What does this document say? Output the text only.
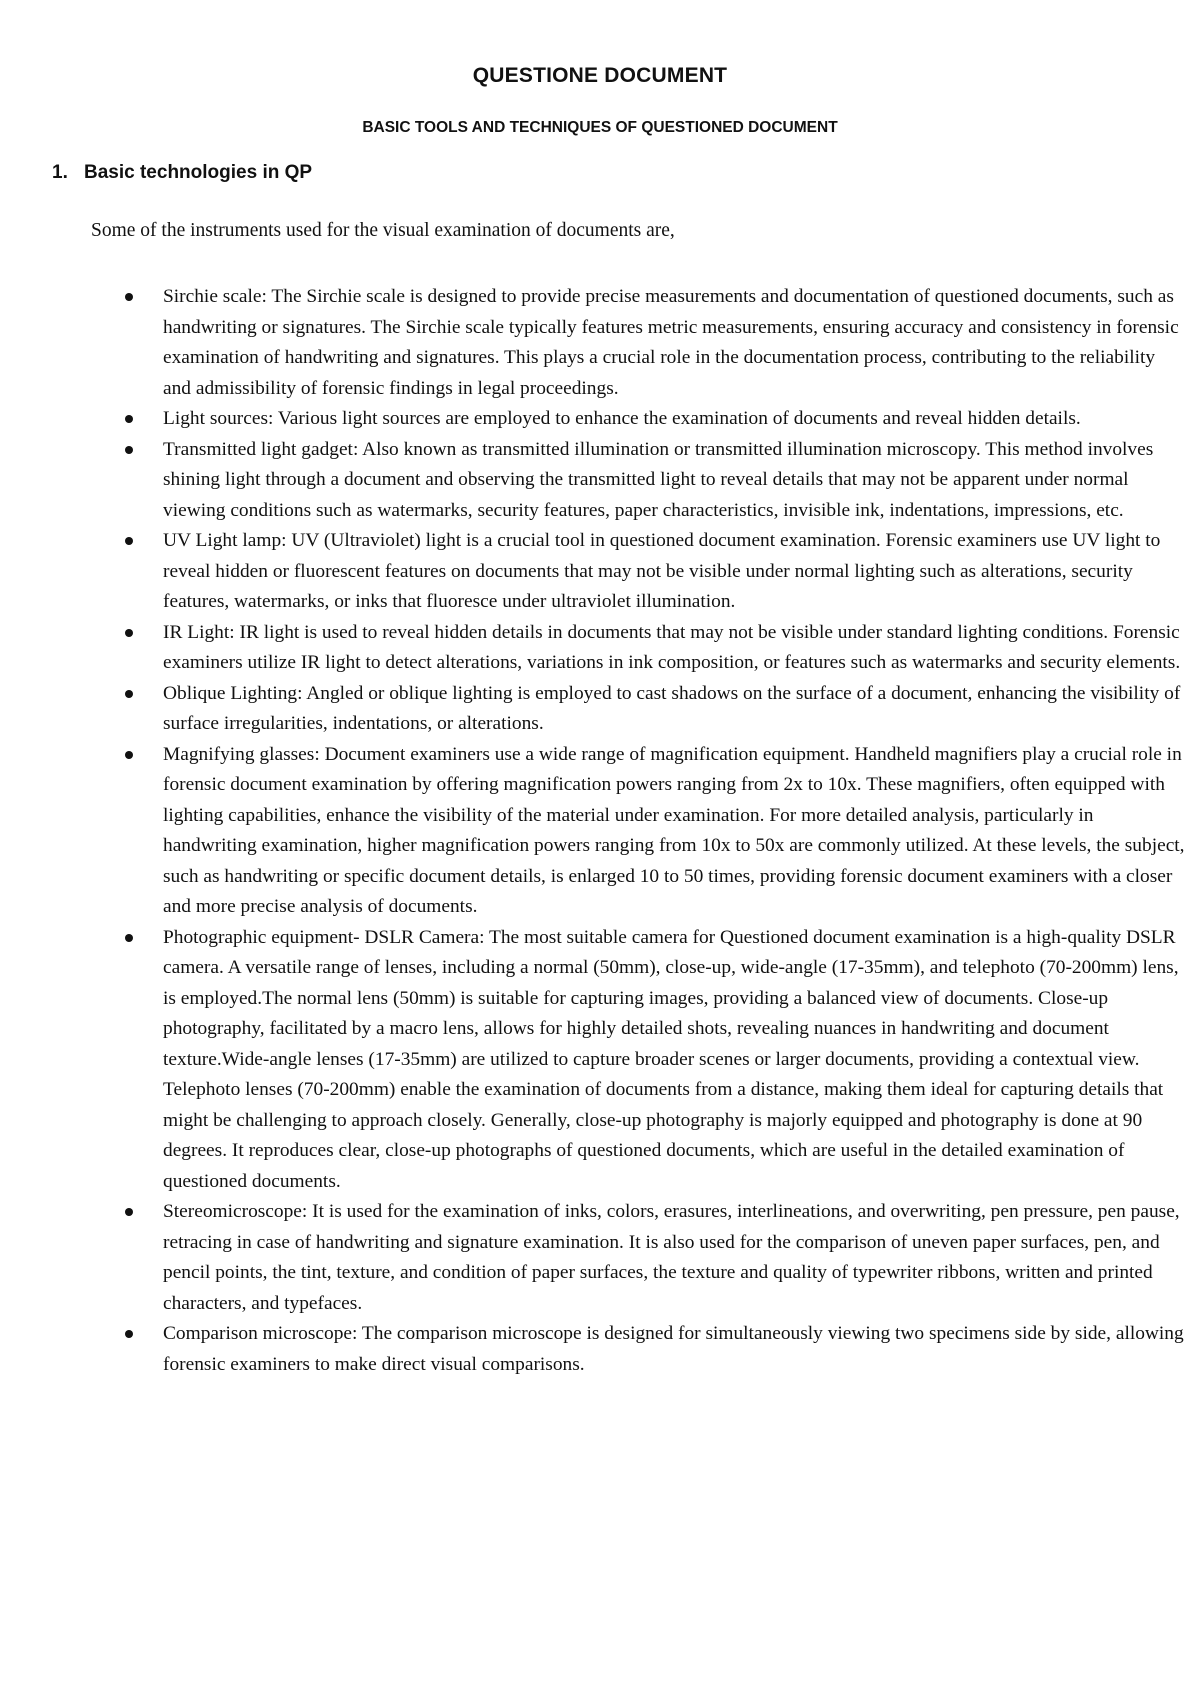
QUESTIONE DOCUMENT
BASIC TOOLS AND TECHNIQUES OF QUESTIONED DOCUMENT
1. Basic technologies in QP

Some of the instruments used for the visual examination of documents are,

Sirchie scale: The Sirchie scale is designed to provide precise measurements and documentation of questioned documents, such as handwriting or signatures. The Sirchie scale typically features metric measurements, ensuring accuracy and consistency in forensic examination of handwriting and signatures. This plays a crucial role in the documentation process, contributing to the reliability and admissibility of forensic findings in legal proceedings.
Light sources: Various light sources are employed to enhance the examination of documents and reveal hidden details.
Transmitted light gadget: Also known as transmitted illumination or transmitted illumination microscopy. This method involves shining light through a document and observing the transmitted light to reveal details that may not be apparent under normal viewing conditions such as watermarks, security features, paper characteristics, invisible ink, indentations, impressions, etc.
UV Light lamp: UV (Ultraviolet) light is a crucial tool in questioned document examination. Forensic examiners use UV light to reveal hidden or fluorescent features on documents that may not be visible under normal lighting such as alterations, security features, watermarks, or inks that fluoresce under ultraviolet illumination.
IR Light: IR light is used to reveal hidden details in documents that may not be visible under standard lighting conditions. Forensic examiners utilize IR light to detect alterations, variations in ink composition, or features such as watermarks and security elements.
Oblique Lighting: Angled or oblique lighting is employed to cast shadows on the surface of a document, enhancing the visibility of surface irregularities, indentations, or alterations.
Magnifying glasses: Document examiners use a wide range of magnification equipment. Handheld magnifiers play a crucial role in forensic document examination by offering magnification powers ranging from 2x to 10x. These magnifiers, often equipped with lighting capabilities, enhance the visibility of the material under examination. For more detailed analysis, particularly in handwriting examination, higher magnification powers ranging from 10x to 50x are commonly utilized. At these levels, the subject, such as handwriting or specific document details, is enlarged 10 to 50 times, providing forensic document examiners with a closer and more precise analysis of documents.
Photographic equipment- DSLR Camera: The most suitable camera for Questioned document examination is a high-quality DSLR camera. A versatile range of lenses, including a normal (50mm), close-up, wide-angle (17-35mm), and telephoto (70-200mm) lens, is employed.The normal lens (50mm) is suitable for capturing images, providing a balanced view of documents. Close-up photography, facilitated by a macro lens, allows for highly detailed shots, revealing nuances in handwriting and document texture.Wide-angle lenses (17-35mm) are utilized to capture broader scenes or larger documents, providing a contextual view. Telephoto lenses (70-200mm) enable the examination of documents from a distance, making them ideal for capturing details that might be challenging to approach closely. Generally, close-up photography is majorly equipped and photography is done at 90 degrees. It reproduces clear, close-up photographs of questioned documents, which are useful in the detailed examination of questioned documents.
Stereomicroscope: It is used for the examination of inks, colors, erasures, interlineations, and overwriting, pen pressure, pen pause, retracing in case of handwriting and signature examination. It is also used for the comparison of uneven paper surfaces, pen, and pencil points, the tint, texture, and condition of paper surfaces, the texture and quality of typewriter ribbons, written and printed characters, and typefaces.
Comparison microscope: The comparison microscope is designed for simultaneously viewing two specimens side by side, allowing forensic examiners to make direct visual comparisons.
